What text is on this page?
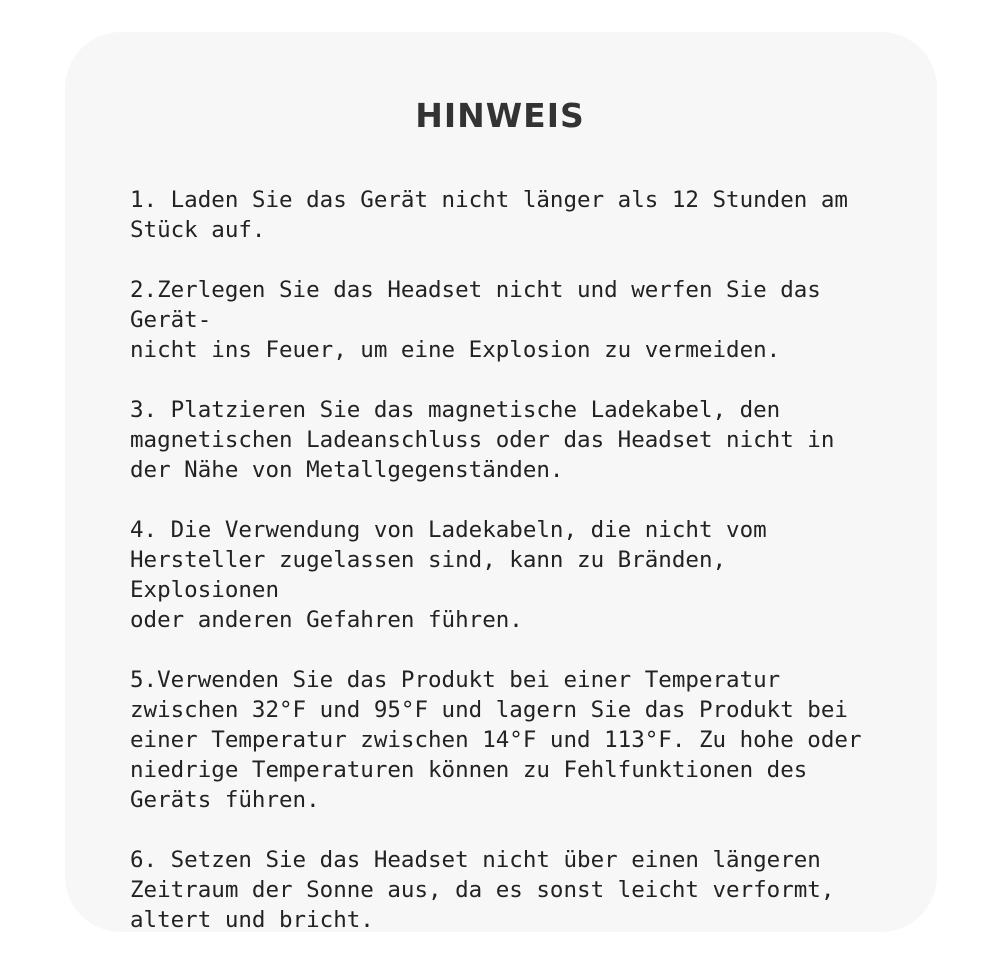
HINWEIS

1. Laden Sie das Gerät nicht länger als 12 Stunden am
Stück auf.

2.Zerlegen Sie das Headset nicht und werfen Sie das Gerät-
nicht ins Feuer, um eine Explosion zu vermeiden.

3. Platzieren Sie das magnetische Ladekabel, den
magnetischen Ladeanschluss oder das Headset nicht in
der Nähe von Metallgegenständen.

4. Die Verwendung von Ladekabeln, die nicht vom
Hersteller zugelassen sind, kann zu Bränden, Explosionen
oder anderen Gefahren führen.

5.Verwenden Sie das Produkt bei einer Temperatur
zwischen 32°F und 95°F und lagern Sie das Produkt bei
einer Temperatur zwischen 14°F und 113°F. Zu hohe oder
niedrige Temperaturen können zu Fehlfunktionen des
Geräts führen.

6. Setzen Sie das Headset nicht über einen längeren
Zeitraum der Sonne aus, da es sonst leicht verformt,
altert und bricht.
